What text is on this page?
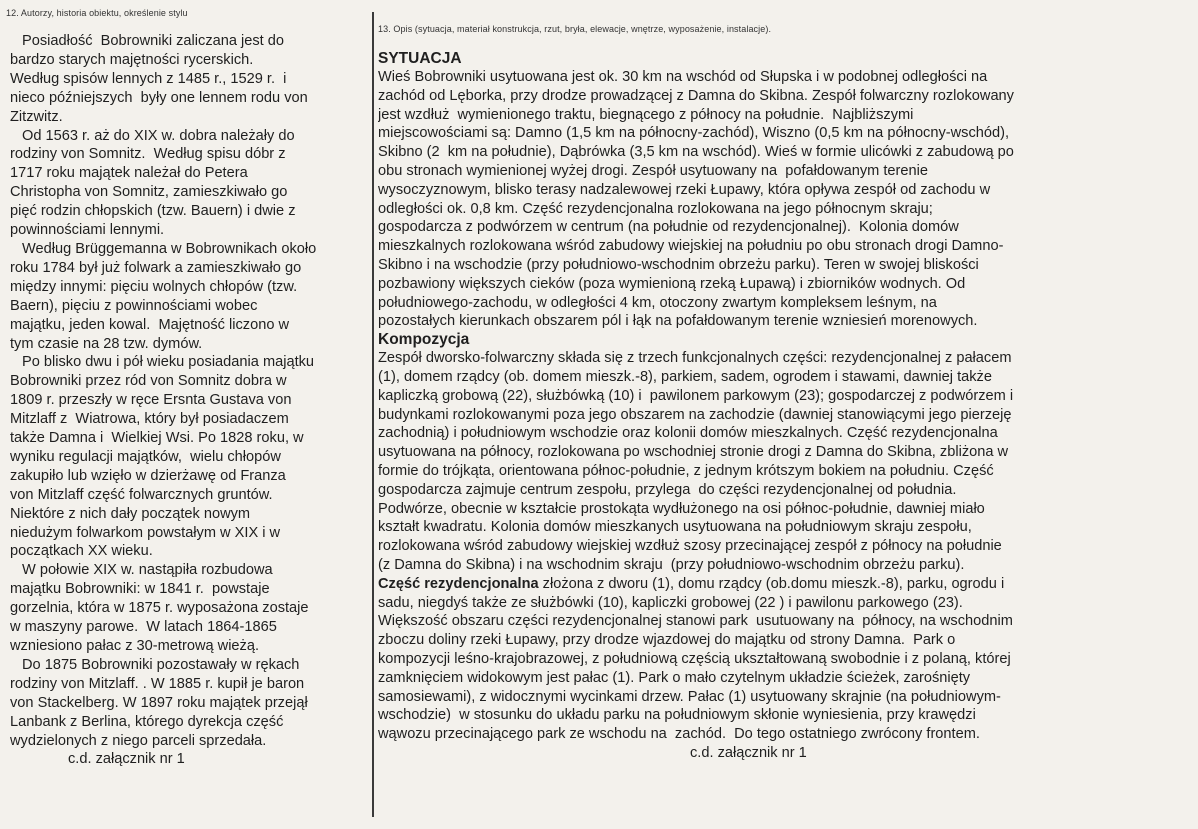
12. Autorzy, historia obiektu, określenie stylu
Posiadłość  Bobrowniki zaliczana jest do
bardzo starych majętności rycerskich.
Według spisów lennych z 1485 r., 1529 r.  i
nieco późniejszych  były one lennem rodu von
Zitzwitz.
Od 1563 r. aż do XIX w. dobra należały do
rodziny von Somnitz.  Według spisu dóbr z
1717 roku majątek należał do Petera
Christopha von Somnitz, zamieszkiwało go
pięć rodzin chłopskich (tzw. Bauern) i dwie z
powinnościami lennymi.
Według Brüggemanna w Bobrownikach około
roku 1784 był już folwark a zamieszkiwało go
między innymi: pięciu wolnych chłopów (tzw.
Baern), pięciu z powinnościami wobec
majątku, jeden kowal.  Majętność liczono w
tym czasie na 28 tzw. dymów.
Po blisko dwu i pół wieku posiadania majątku
Bobrowniki przez ród von Somnitz dobra w
1809 r. przeszły w ręce Ersnta Gustava von
Mitzlaff z  Wiatrowa, który był posiadaczem
także Damna i  Wielkiej Wsi. Po 1828 roku, w
wyniku regulacji majątków,  wielu chłopów
zakupiło lub wzięło w dzierżawę od Franza
von Mitzlaff część folwarcznych gruntów.
Niektóre z nich dały początek nowym
niedużym folwarkom powstałym w XIX i w
początkach XX wieku.
W połowie XIX w. nastąpiła rozbudowa
majątku Bobrowniki: w 1841 r.  powstaje
gorzelnia, która w 1875 r. wyposażona zostaje
w maszyny parowe.  W latach 1864-1865
wzniesiono pałac z 30-metrową wieżą.
Do 1875 Bobrowniki pozostawały w rękach
rodziny von Mitzlaff. . W 1885 r. kupił je baron
von Stackelberg. W 1897 roku majątek przejął
Lanbank z Berlina, którego dyrekcja część
wydzielonych z niego parceli sprzedała.
c.d. załącznik nr 1
13. Opis (sytuacja, materiał konstrukcja, rzut, bryła, elewacje, wnętrze, wyposażenie, instalacje).
SYTUACJA
Wieś Bobrowniki usytuowana jest ok. 30 km na wschód od Słupska i w podobnej odległości na
zachód od Lęborka, przy drodze prowadzącej z Damna do Skibna. Zespół folwarczny rozlokowany
jest wzdłuż  wymienionego traktu, biegnącego z północy na południe.  Najbliższymi
miejscowościami są: Damno (1,5 km na północny-zachód), Wiszno (0,5 km na północny-wschód),
Skibno (2  km na południe), Dąbrówka (3,5 km na wschód). Wieś w formie ulicówki z zabudową po
obu stronach wymienionej wyżej drogi. Zespół usytuowany na  pofałdowanym terenie
wysoczyznowym, blisko terasy nadzalewowej rzeki Łupawy, która opływa zespół od zachodu w
odległości ok. 0,8 km. Część rezydencjonalna rozlokowana na jego północnym skraju;
gospodarcza z podwórzem w centrum (na południe od rezydencjonalnej).  Kolonia domów
mieszkalnych rozlokowana wśród zabudowy wiejskiej na południu po obu stronach drogi Damno-
Skibno i na wschodzie (przy południowo-wschodnim obrzeżu parku). Teren w swojej bliskości
pozbawiony większych cieków (poza wymienioną rzeką Łupawą) i zbiorników wodnych. Od
południowego-zachodu, w odległości 4 km, otoczony zwartym kompleksem leśnym, na
pozostałych kierunkach obszarem pól i łąk na pofałdowanym terenie wzniesień morenowych.
Kompozycja
Zespół dworsko-folwarczny składa się z trzech funkcjonalnych części: rezydencjonalnej z pałacem
(1), domem rządcy (ob. domem mieszk.-8), parkiem, sadem, ogrodem i stawami, dawniej także
kapliczką grobową (22), służbówką (10) i  pawilonem parkowym (23); gospodarczej z podwórzem i
budynkami rozlokowanymi poza jego obszarem na zachodzie (dawniej stanowiącymi jego pierzeję
zachodnią) i południowym wschodzie oraz kolonii domów mieszkalnych. Część rezydencjonalna
usytuowana na północy, rozlokowana po wschodniej stronie drogi z Damna do Skibna, zbliżona w
formie do trójkąta, orientowana północ-południe, z jednym krótszym bokiem na południu. Część
gospodarcza zajmuje centrum zespołu, przylega  do części rezydencjonalnej od południa.
Podwórze, obecnie w kształcie prostokąta wydłużonego na osi północ-południe, dawniej miało
kształt kwadratu. Kolonia domów mieszkanych usytuowana na południowym skraju zespołu,
rozlokowana wśród zabudowy wiejskiej wzdłuż szosy przecinającej zespół z północy na południe
(z Damna do Skibna) i na wschodnim skraju  (przy południowo-wschodnim obrzeżu parku).
Część rezydencjonalna złożona z dworu (1), domu rządcy (ob.domu mieszk.-8), parku, ogrodu i
sadu, niegdyś także ze służbówki (10), kapliczki grobowej (22 ) i pawilonu parkowego (23).
Większość obszaru części rezydencjonalnej stanowi park  usutuowany na  północy, na wschodnim
zboczu doliny rzeki Łupawy, przy drodze wjazdowej do majątku od strony Damna.  Park o
kompozycji leśno-krajobrazowej, z południową częścią ukształtowaną swobodnie i z polaną, której
zamknięciem widokowym jest pałac (1). Park o mało czytelnym układzie ścieżek, zarośnięty
samosiewami), z widocznymi wycinkami drzew. Pałac (1) usytuowany skrajnie (na południowym-
wschodzie)  w stosunku do układu parku na południowym skłonie wyniesienia, przy krawędzi
wąwozu przecinającego park ze wschodu na  zachód.  Do tego ostatniego zwrócony frontem.
c.d. załącznik nr 1
